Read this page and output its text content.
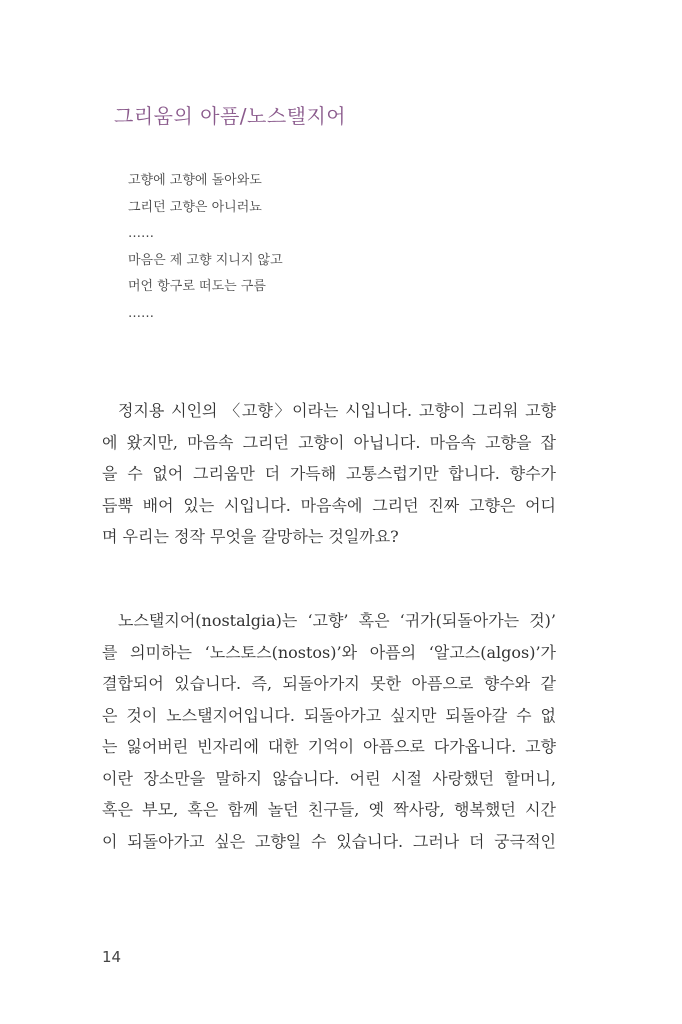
그리움의 아픔/노스탤지어
고향에 고향에 돌아와도
그리던 고향은 아니러뇨
……
마음은 제 고향 지니지 않고
머언 항구로 떠도는 구름
……
정지용 시인의 〈고향〉이라는 시입니다. 고향이 그리워 고향
에 왔지만, 마음속 그리던 고향이 아닙니다. 마음속 고향을 잡
을 수 없어 그리움만 더 가득해 고통스럽기만 합니다. 향수가
듬뿍 배어 있는 시입니다. 마음속에 그리던 진짜 고향은 어디
며 우리는 정작 무엇을 갈망하는 것일까요?
노스탤지어(nostalgia)는 ‘고향’ 혹은 ‘귀가(되돌아가는 것)’
를 의미하는 ‘노스토스(nostos)’와 아픔의 ‘알고스(algos)’가
결합되어 있습니다. 즉, 되돌아가지 못한 아픔으로 향수와 같
은 것이 노스탤지어입니다. 되돌아가고 싶지만 되돌아갈 수 없
는 잃어버린 빈자리에 대한 기억이 아픔으로 다가옵니다. 고향
이란 장소만을 말하지 않습니다. 어린 시절 사랑했던 할머니,
혹은 부모, 혹은 함께 놀던 친구들, 옛 짝사랑, 행복했던 시간
이 되돌아가고 싶은 고향일 수 있습니다. 그러나 더 궁극적인
14
